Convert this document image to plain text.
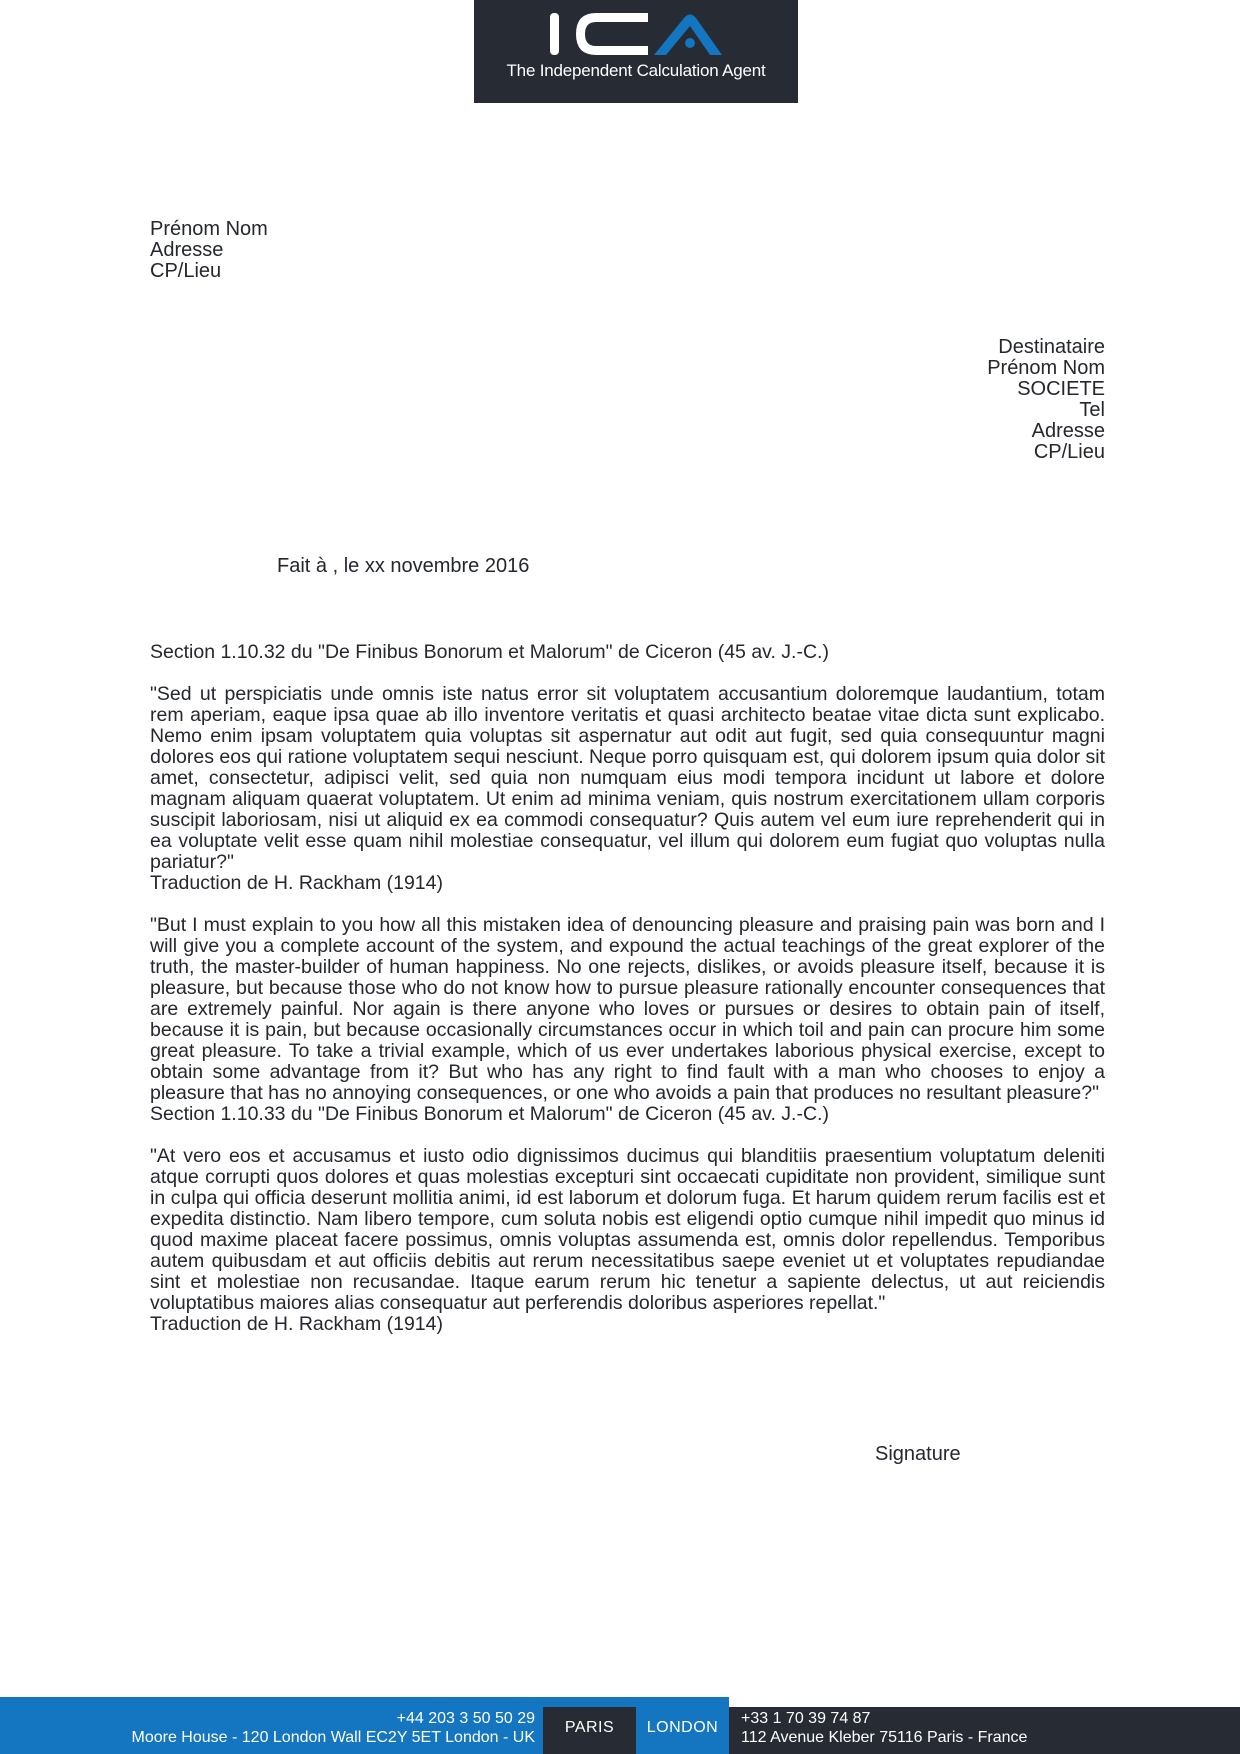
The Independent Calculation Agent
Prénom Nom
Adresse
CP/Lieu
Destinataire
Prénom Nom
SOCIETE
Tel
Adresse
CP/Lieu
Fait à , le xx novembre 2016

Section 1.10.32 du "De Finibus Bonorum et Malorum" de Ciceron (45 av. J.-C.)

"Sed ut perspiciatis unde omnis iste natus error sit voluptatem accusantium doloremque laudantium, totam rem aperiam, eaque ipsa quae ab illo inventore veritatis et quasi architecto beatae vitae dicta sunt explicabo. Nemo enim ipsam voluptatem quia voluptas sit aspernatur aut odit aut fugit, sed quia consequuntur magni dolores eos qui ratione voluptatem sequi nesciunt. Neque porro quisquam est, qui dolorem ipsum quia dolor sit amet, consectetur, adipisci velit, sed quia non numquam eius modi tempora incidunt ut labore et dolore magnam aliquam quaerat voluptatem. Ut enim ad minima veniam, quis nostrum exercitationem ullam corporis suscipit laboriosam, nisi ut aliquid ex ea commodi consequatur? Quis autem vel eum iure reprehenderit qui in ea voluptate velit esse quam nihil molestiae consequatur, vel illum qui dolorem eum fugiat quo voluptas nulla pariatur?"

Traduction de H. Rackham (1914)

"But I must explain to you how all this mistaken idea of denouncing pleasure and praising pain was born and I will give you a complete account of the system, and expound the actual teachings of the great explorer of the truth, the master-builder of human happiness. No one rejects, dislikes, or avoids pleasure itself, because it is pleasure, but because those who do not know how to pursue pleasure rationally encounter consequences that are extremely painful. Nor again is there anyone who loves or pursues or desires to obtain pain of itself, because it is pain, but because occasionally circumstances occur in which toil and pain can procure him some great pleasure. To take a trivial example, which of us ever undertakes laborious physical exercise, except to obtain some advantage from it? But who has any right to find fault with a man who chooses to enjoy a pleasure that has no annoying consequences, or one who avoids a pain that produces no resultant pleasure?"

Section 1.10.33 du "De Finibus Bonorum et Malorum" de Ciceron (45 av. J.-C.)

"At vero eos et accusamus et iusto odio dignissimos ducimus qui blanditiis praesentium voluptatum deleniti atque corrupti quos dolores et quas molestias excepturi sint occaecati cupiditate non provident, similique sunt in culpa qui officia deserunt mollitia animi, id est laborum et dolorum fuga. Et harum quidem rerum facilis est et expedita distinctio. Nam libero tempore, cum soluta nobis est eligendi optio cumque nihil impedit quo minus id quod maxime placeat facere possimus, omnis voluptas assumenda est, omnis dolor repellendus. Temporibus autem quibusdam et aut officiis debitis aut rerum necessitatibus saepe eveniet ut et voluptates repudiandae sint et molestiae non recusandae. Itaque earum rerum hic tenetur a sapiente delectus, ut aut reiciendis voluptatibus maiores alias consequatur aut perferendis doloribus asperiores repellat."

Traduction de H. Rackham (1914)

Signature
+44 203 3 50 50 29
Moore House - 120 London Wall EC2Y 5ET London - UK
PARIS	LONDON
+33 1 70 39 74 87
112 Avenue Kleber 75116 Paris - France
